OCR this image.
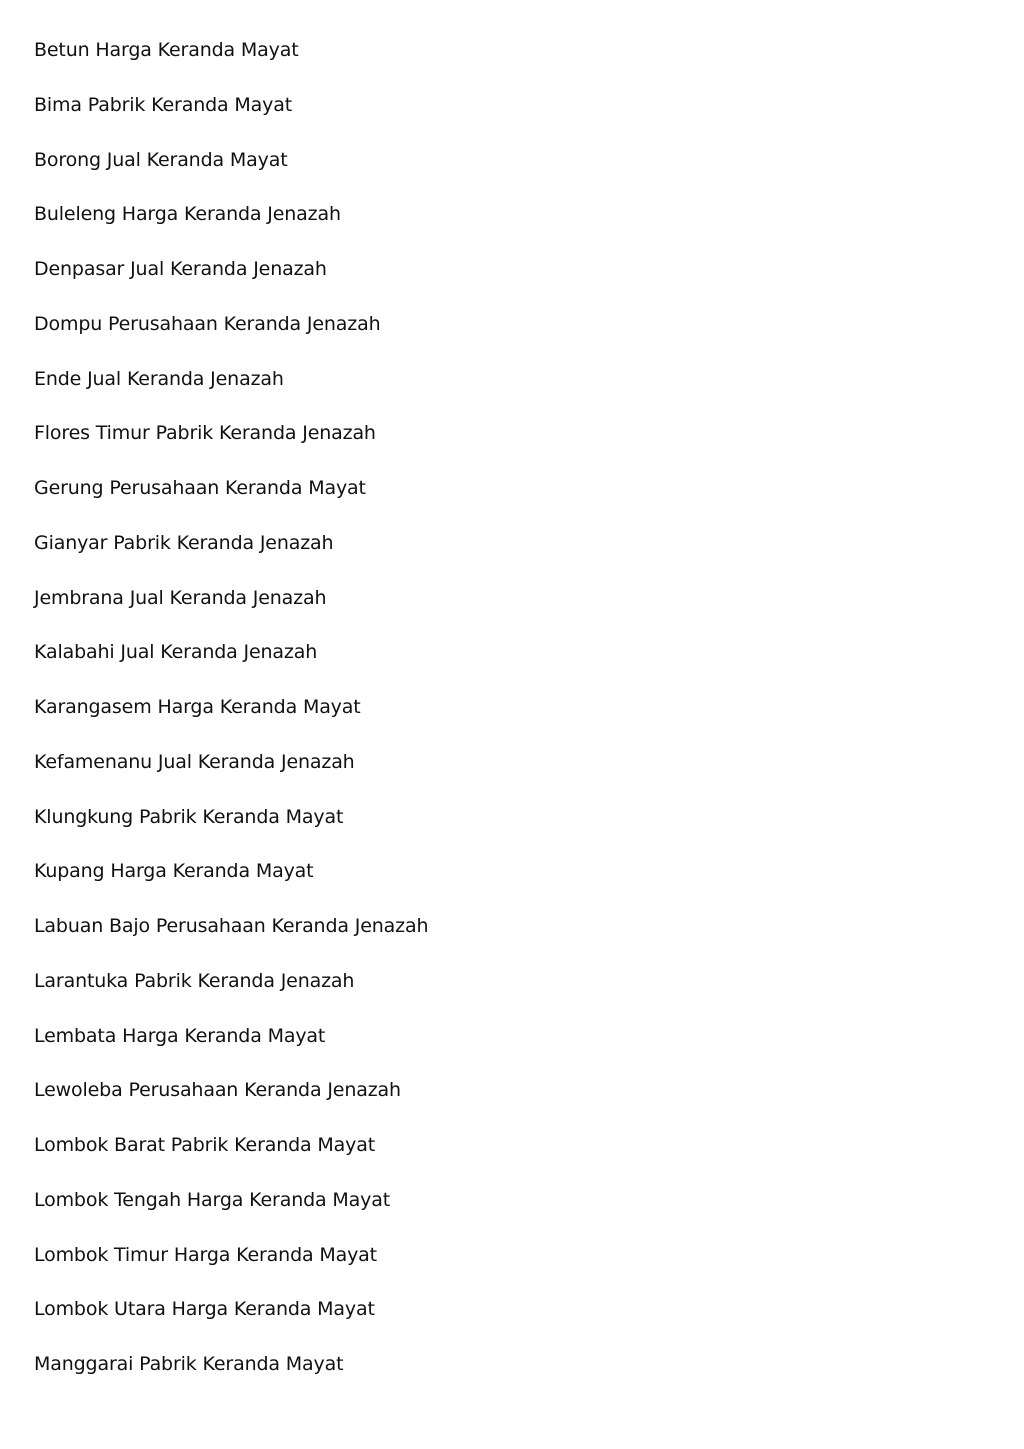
Betun Harga Keranda Mayat
Bima Pabrik Keranda Mayat
Borong Jual Keranda Mayat
Buleleng Harga Keranda Jenazah
Denpasar Jual Keranda Jenazah
Dompu Perusahaan Keranda Jenazah
Ende Jual Keranda Jenazah
Flores Timur Pabrik Keranda Jenazah
Gerung Perusahaan Keranda Mayat
Gianyar Pabrik Keranda Jenazah
Jembrana Jual Keranda Jenazah
Kalabahi Jual Keranda Jenazah
Karangasem Harga Keranda Mayat
Kefamenanu Jual Keranda Jenazah
Klungkung Pabrik Keranda Mayat
Kupang Harga Keranda Mayat
Labuan Bajo Perusahaan Keranda Jenazah
Larantuka Pabrik Keranda Jenazah
Lembata Harga Keranda Mayat
Lewoleba Perusahaan Keranda Jenazah
Lombok Barat Pabrik Keranda Mayat
Lombok Tengah Harga Keranda Mayat
Lombok Timur Harga Keranda Mayat
Lombok Utara Harga Keranda Mayat
Manggarai Pabrik Keranda Mayat
